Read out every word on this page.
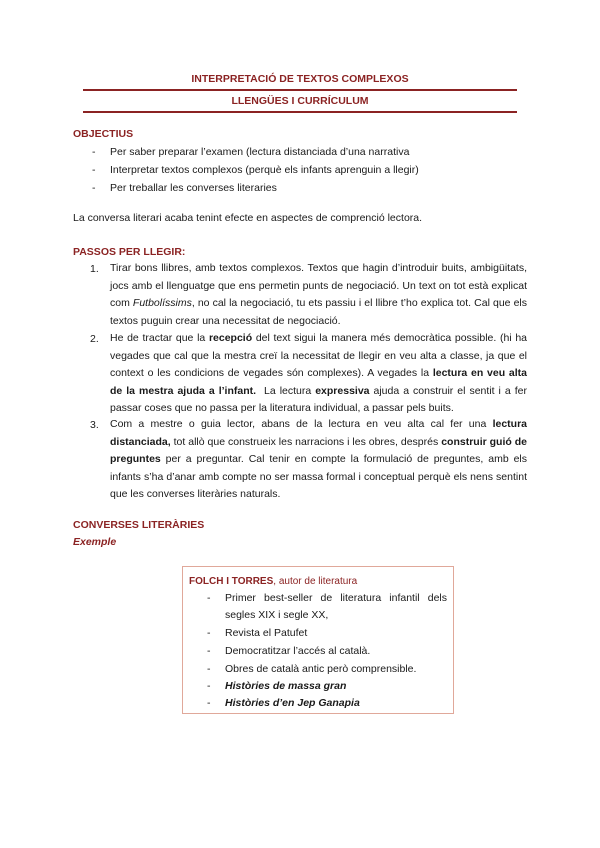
INTERPRETACIÓ DE TEXTOS COMPLEXOS
LLENGÜES I CURRÍCULUM
OBJECTIUS
- Per saber preparar l’examen (lectura distanciada d’una narrativa
- Interpretar textos complexos (perquè els infants aprenguin a llegir)
- Per treballar les converses literaries
La conversa literari acaba tenint efecte en aspectes de comprenció lectora.
PASSOS PER LLEGIR:
1. Tirar bons llibres, amb textos complexos. Textos que hagin d’introduir buits, ambigüitats, jocs amb el llenguatge que ens permetin punts de negociació. Un text on tot està explicat com Futbolíssims, no cal la negociació, tu ets passiu i el llibre t’ho explica tot. Cal que els textos puguin crear una necessitat de negociació.
2. He de tractar que la recepció del text sigui la manera més democràtica possible. (hi ha vegades que cal que la mestra creï la necessitat de llegir en veu alta a classe, ja que el context o les condicions de vegades són complexes). A vegades la lectura en veu alta de la mestra ajuda a l’infant.  La lectura expressiva ajuda a construir el sentit i a fer passar coses que no passa per la literatura individual, a passar pels buits.
3. Com a mestre o guia lector, abans de la lectura en veu alta cal fer una lectura distanciada, tot allò que construeix les narracions i les obres, després construir guió de preguntes per a preguntar. Cal tenir en compte la formulació de preguntes, amb els infants s’ha d’anar amb compte no ser massa formal i conceptual perquè els nens sentint que les converses literàries naturals.
CONVERSES LITERÀRIES
Exemple
FOLCH I TORRES, autor de literatura
- Primer best-seller de literatura infantil dels
segles XIX i segle XX,
- Revista el Patufet
- Democratitzar l’accés al català.
- Obres de català antic però comprensible.
- Històries de massa gran
- Històries d’en Jep Ganapia
